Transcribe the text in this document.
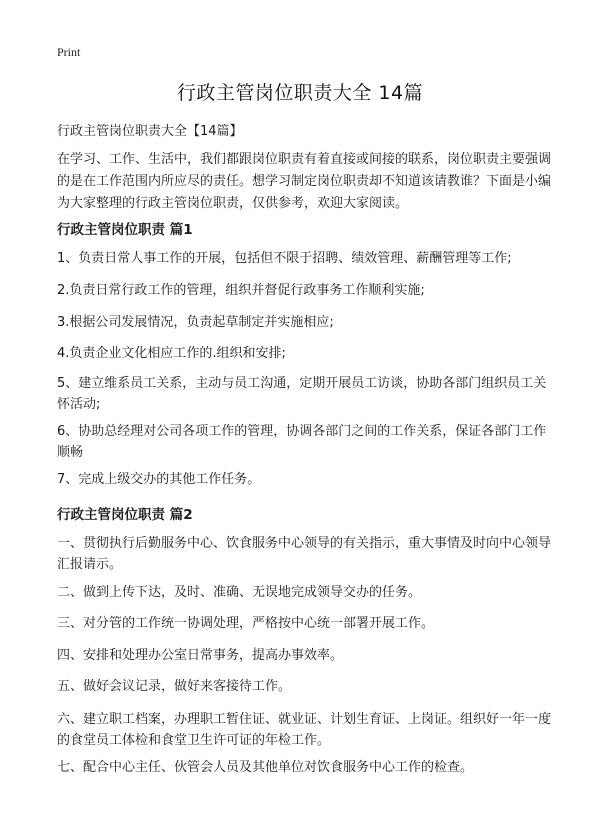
Print
行政主管岗位职责大全 14篇
行政主管岗位职责大全【14篇】
在学习、工作、生活中，我们都跟岗位职责有着直接或间接的联系，岗位职责主要强调的是在工作范围内所应尽的责任。想学习制定岗位职责却不知道该请教谁？下面是小编为大家整理的行政主管岗位职责，仅供参考，欢迎大家阅读。
行政主管岗位职责 篇1
1、负责日常人事工作的开展，包括但不限于招聘、绩效管理、薪酬管理等工作;
2.负责日常行政工作的管理，组织并督促行政事务工作顺利实施;
3.根据公司发展情况，负责起草制定并实施相应;
4.负责企业文化相应工作的.组织和安排;
5、建立维系员工关系，主动与员工沟通，定期开展员工访谈，协助各部门组织员工关怀活动;
6、协助总经理对公司各项工作的管理，协调各部门之间的工作关系，保证各部门工作顺畅
7、完成上级交办的其他工作任务。
行政主管岗位职责 篇2
一、贯彻执行后勤服务中心、饮食服务中心领导的有关指示，重大事情及时向中心领导汇报请示。
二、做到上传下达，及时、准确、无误地完成领导交办的任务。
三、对分管的工作统一协调处理，严格按中心统一部署开展工作。
四、安排和处理办公室日常事务，提高办事效率。
五、做好会议记录，做好来客接待工作。
六、建立职工档案，办理职工暂住证、就业证、计划生育证、上岗证。组织好一年一度的食堂员工体检和食堂卫生许可证的年检工作。
七、配合中心主任、伙管会人员及其他单位对饮食服务中心工作的检查。
